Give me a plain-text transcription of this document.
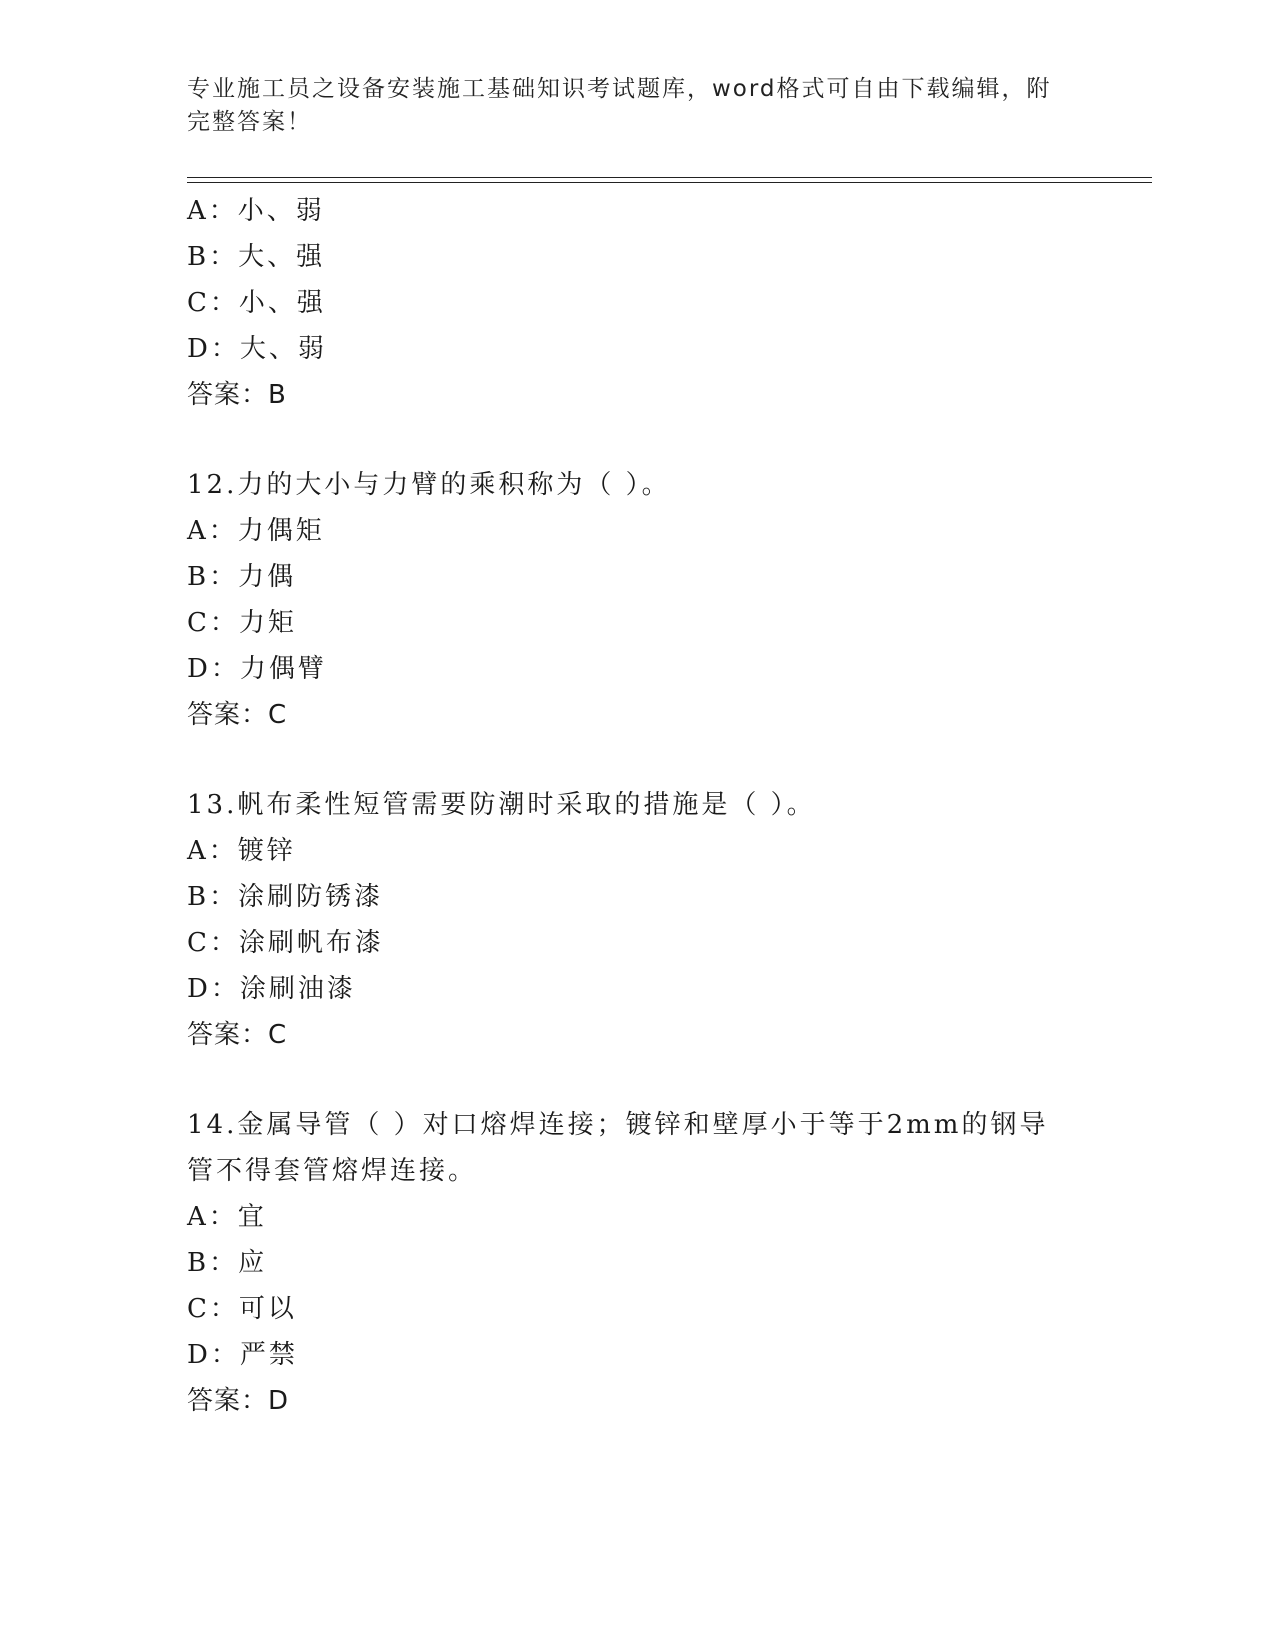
专业施工员之设备安装施工基础知识考试题库，word格式可自由下载编辑，附完整答案！
A：小、弱
B：大、强
C：小、强
D：大、弱
答案：B
12.力的大小与力臂的乘积称为（ ）。
A：力偶矩
B：力偶
C：力矩
D：力偶臂
答案：C
13.帆布柔性短管需要防潮时采取的措施是（ ）。
A：镀锌
B：涂刷防锈漆
C：涂刷帆布漆
D：涂刷油漆
答案：C
14.金属导管（ ）对口熔焊连接；镀锌和壁厚小于等于2mm的钢导管不得套管熔焊连接。
A：宜
B：应
C：可以
D：严禁
答案：D
